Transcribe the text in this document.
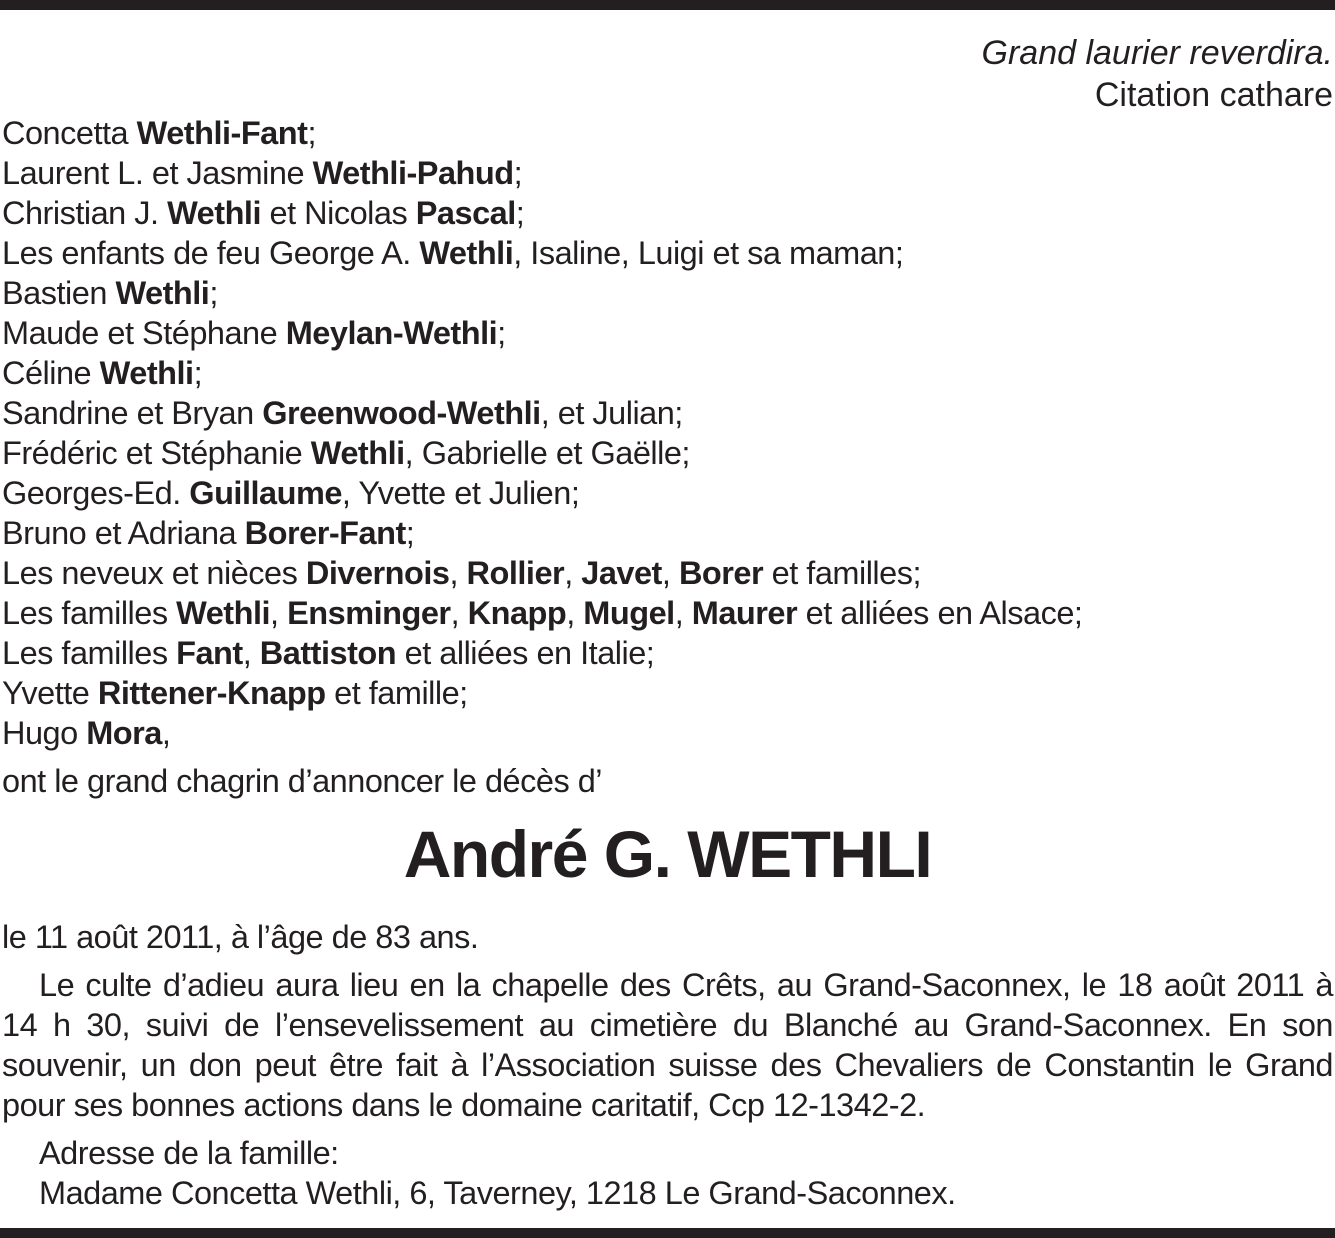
Grand laurier reverdira.
Citation cathare
Concetta Wethli-Fant;
Laurent L. et Jasmine Wethli-Pahud;
Christian J. Wethli et Nicolas Pascal;
Les enfants de feu George A. Wethli, Isaline, Luigi et sa maman;
Bastien Wethli;
Maude et Stéphane Meylan-Wethli;
Céline Wethli;
Sandrine et Bryan Greenwood-Wethli, et Julian;
Frédéric et Stéphanie Wethli, Gabrielle et Gaëlle;
Georges-Ed. Guillaume, Yvette et Julien;
Bruno et Adriana Borer-Fant;
Les neveux et nièces Divernois, Rollier, Javet, Borer et familles;
Les familles Wethli, Ensminger, Knapp, Mugel, Maurer et alliées en Alsace;
Les familles Fant, Battiston et alliées en Italie;
Yvette Rittener-Knapp et famille;
Hugo Mora,
ont le grand chagrin d’annoncer le décès d’
André G. WETHLI
le 11 août 2011, à l’âge de 83 ans.

Le culte d’adieu aura lieu en la chapelle des Crêts, au Grand-Saconnex, le 18 août 2011 à 14 h 30, suivi de l’ensevelissement au cimetière du Blanché au Grand-Saconnex. En son souvenir, un don peut être fait à l’Association suisse des Chevaliers de Constantin le Grand pour ses bonnes actions dans le domaine caritatif, Ccp 12-1342-2.

Adresse de la famille:
Madame Concetta Wethli, 6, Taverney, 1218 Le Grand-Saconnex.
